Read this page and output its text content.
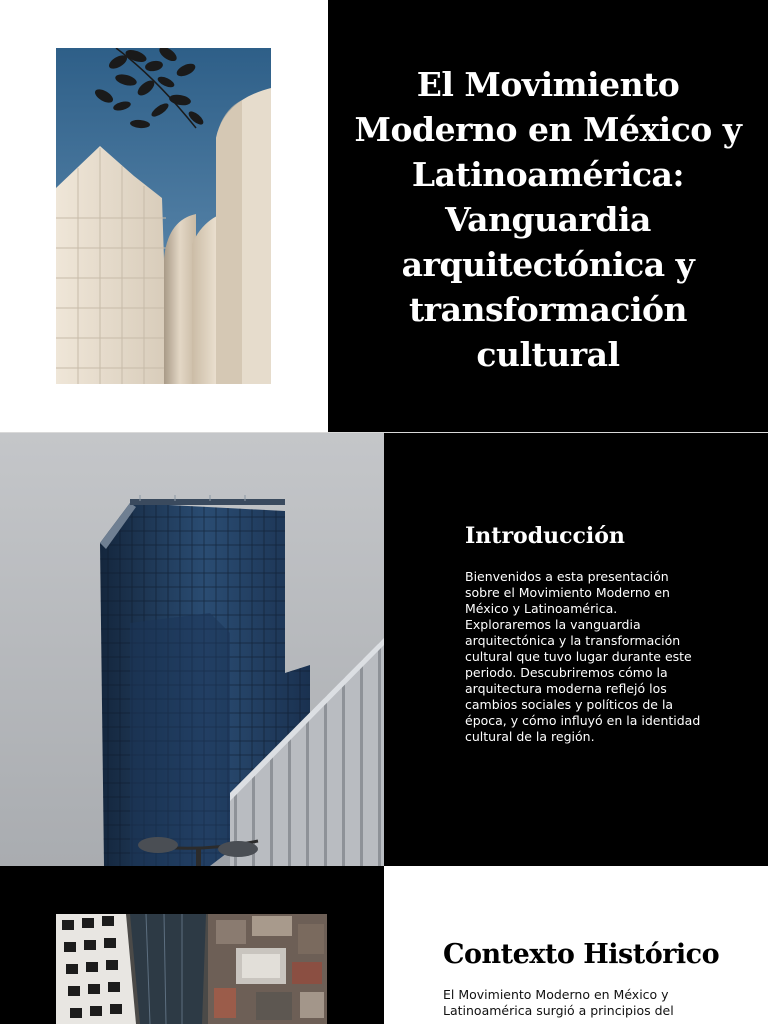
El Movimiento Moderno en México y Latinoamérica: Vanguardia arquitectónica y transformación cultural
Introducción

Bienvenidos a esta presentación sobre el Movimiento Moderno en México y Latinoamérica. Exploraremos la vanguardia arquitectónica y la transformación cultural que tuvo lugar durante este periodo. Descubriremos cómo la arquitectura moderna reflejó los cambios sociales y políticos de la época, y cómo influyó en la identidad cultural de la región.

Contexto Histórico

El Movimiento Moderno en México y Latinoamérica surgió a principios del
